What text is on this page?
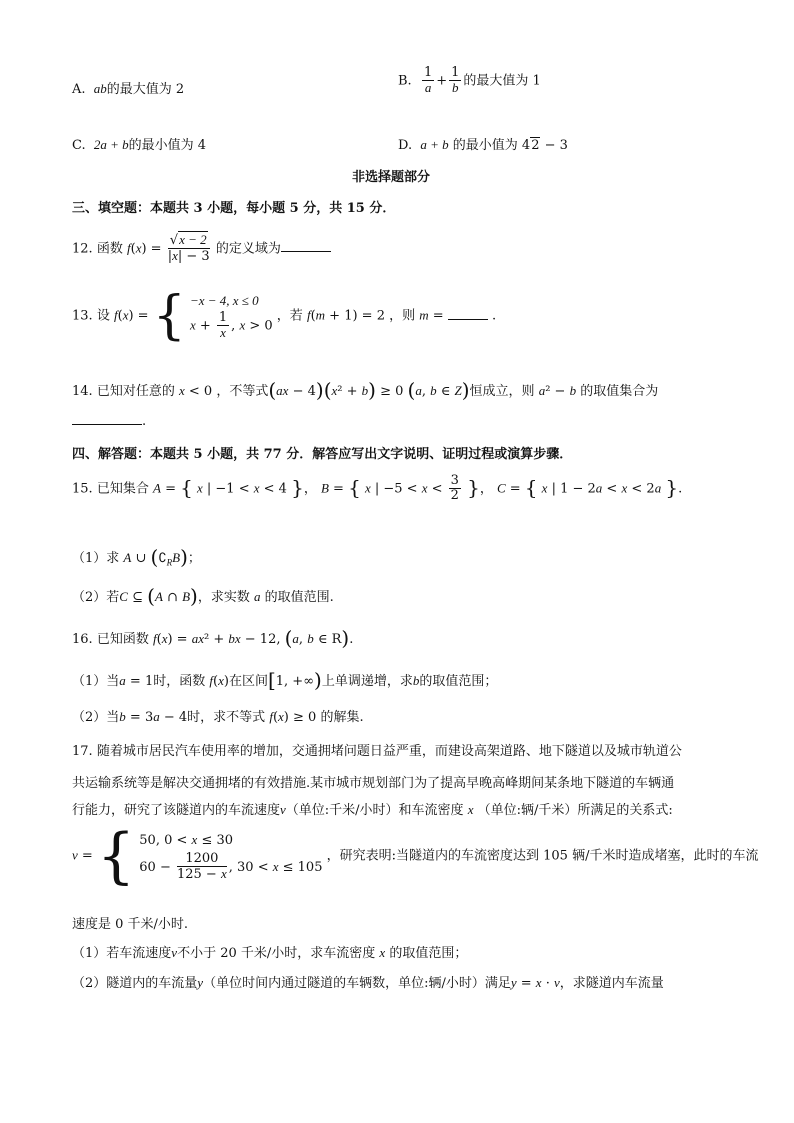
A. ab的最大值为 2
B. $\frac{1}{a} + \frac{1}{b}$ 的最大值为 1
C. 2a + b的最小值为 4	D. a + b 的最小值为 42 − 3
非选择题部分
三、填空题：本题共 3 小题，每小题 5 分，共 15 分．
12. 函数 $f(x) = \frac{√x - 2}{|x| - 3}$ 的定义域为
13. 设 f(x) = { −x − 4, x ≤ 0
$x + \frac{1}{x}$ , x > 0
，若 f(m + 1) = 2 ，则 m =	.
14. 已知对任意的 x < 0 ，不等式(ax − 4)(x² + b) ≥ 0 (a, b ∈ Z)恒成立，则 a² − b 的取值集合为
.
四、解答题：本题共 5 小题，共 77 分．解答应写出文字说明、证明过程或演算步骤．
15. 已知集合 A = { x | −1 < x < 4 }， B = { x | $-5 < x < \frac{3}{2}$ }， C = { x | 1 − 2a < x < 2a }.
（1）求 A ∪ $(∁_RB)$；
（2）若C ⊆ (A ∩ B)，求实数 a 的取值范围.
16. 已知函数 f(x) = ax² + bx − 12, (a, b ∈ R).
（1）当a = 1时，函数 f(x)在区间[1, +∞)上单调递增，求b的取值范围；
（2）当b = 3a − 4时，求不等式 f(x) ≥ 0 的解集.
17. 随着城市居民汽车使用率的增加，交通拥堵问题日益严重，而建设高架道路、地下隧道以及城市轨道公
共运输系统等是解决交通拥堵的有效措施.某市城市规划部门为了提高早晚高峰期间某条地下隧道的车辆通
行能力，研究了该隧道内的车流速度v（单位:千米/小时）和车流密度 x （单位:辆/千米）所满足的关系式:
v = { 50, 0 < x ≤ 30
$60 - \frac{1200}{125 - x}$ , 30 < x ≤ 105
，研究表明:当隧道内的车流密度达到 105 辆/千米时造成堵塞，此时的车流
速度是 0 千米/小时.
（1）若车流速度v不小于 20 千米/小时，求车流密度 x 的取值范围；
（2）隧道内的车流量y（单位时间内通过隧道的车辆数，单位:辆/小时）满足y = x · v，求隧道内车流量
